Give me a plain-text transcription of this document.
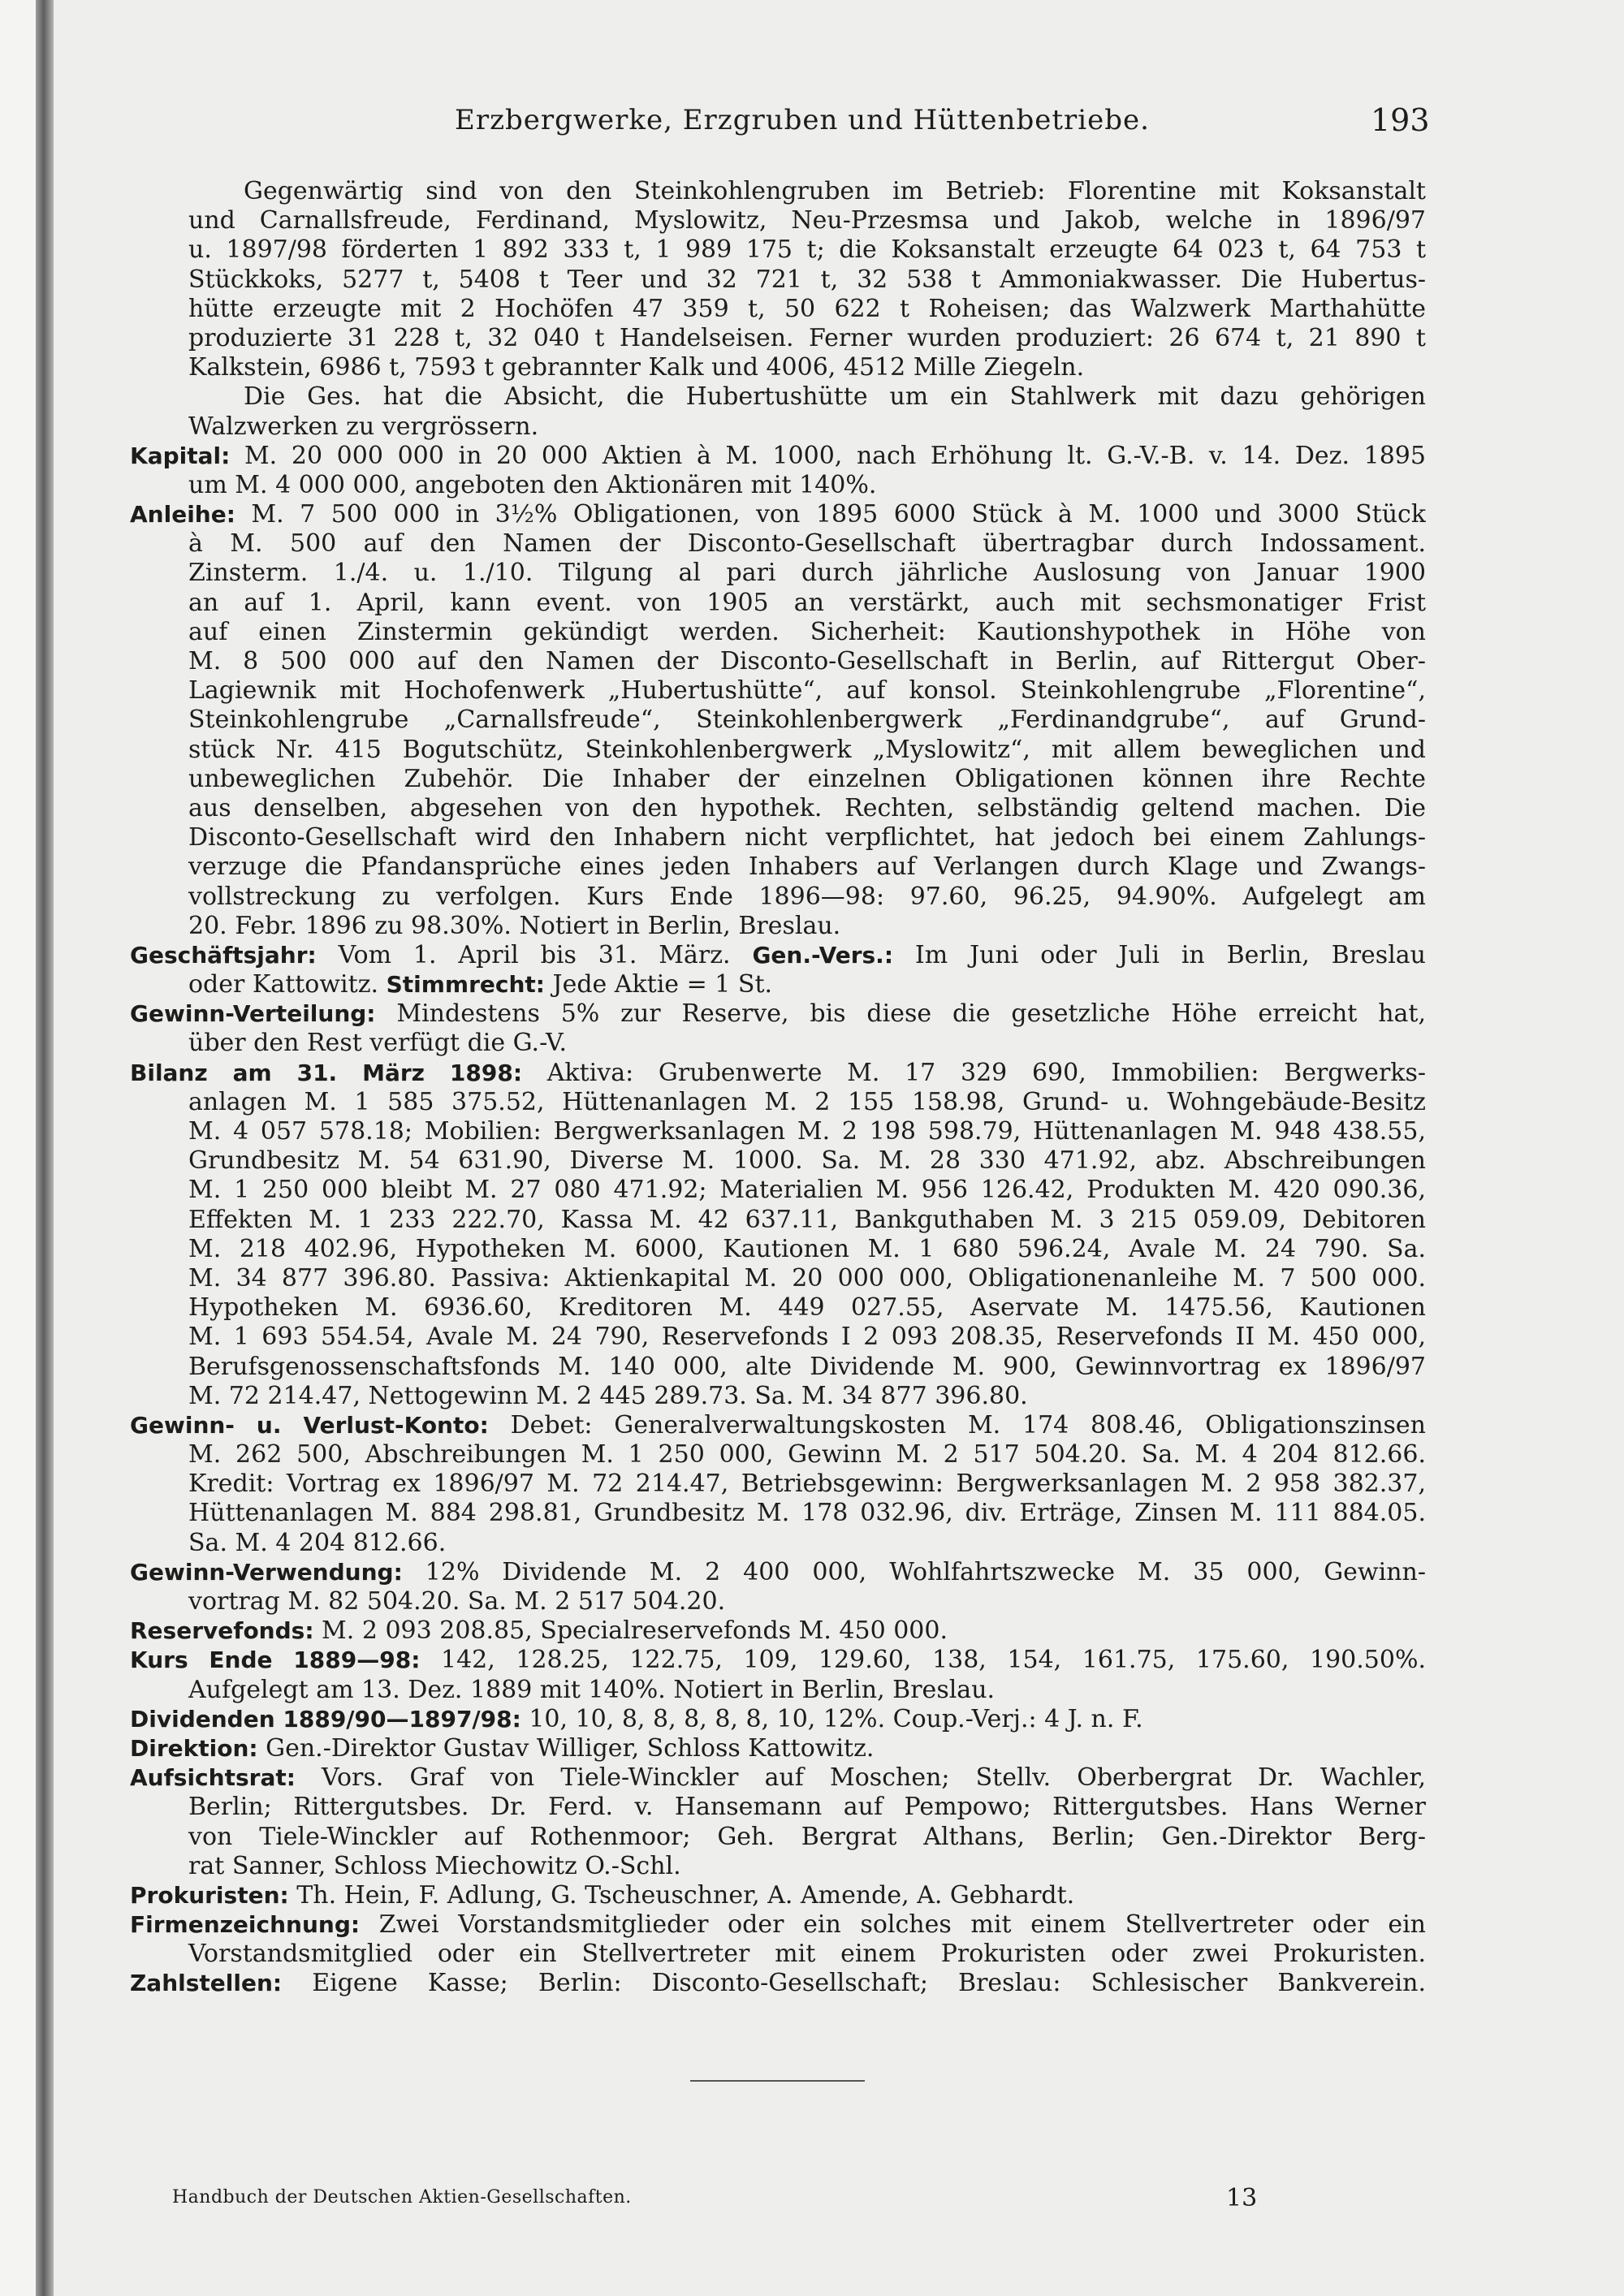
Erzbergwerke, Erzgruben und Hüttenbetriebe.	193
Gegenwärtig sind von den Steinkohlengruben im Betrieb: Florentine mit Koksanstalt
und Carnallsfreude, Ferdinand, Myslowitz, Neu-Przesmsa und Jakob, welche in 1896/97
u. 1897/98 förderten 1 892 333 t, 1 989 175 t; die Koksanstalt erzeugte 64 023 t, 64 753 t
Stückkoks, 5277 t, 5408 t Teer und 32 721 t, 32 538 t Ammoniakwasser. Die Hubertus-
hütte erzeugte mit 2 Hochöfen 47 359 t, 50 622 t Roheisen; das Walzwerk Marthahütte
produzierte 31 228 t, 32 040 t Handelseisen. Ferner wurden produziert: 26 674 t, 21 890 t
Kalkstein, 6986 t, 7593 t gebrannter Kalk und 4006, 4512 Mille Ziegeln.
Die Ges. hat die Absicht, die Hubertushütte um ein Stahlwerk mit dazu gehörigen
Walzwerken zu vergrössern.
Kapital: M. 20 000 000 in 20 000 Aktien à M. 1000, nach Erhöhung lt. G.-V.-B. v. 14. Dez. 1895
um M. 4 000 000, angeboten den Aktionären mit 140%.
Anleihe: M. 7 500 000 in 3½% Obligationen, von 1895 6000 Stück à M. 1000 und 3000 Stück
à M. 500 auf den Namen der Disconto-Gesellschaft übertragbar durch Indossament.
Zinsterm. 1./4. u. 1./10. Tilgung al pari durch jährliche Auslosung von Januar 1900
an auf 1. April, kann event. von 1905 an verstärkt, auch mit sechsmonatiger Frist
auf einen Zinstermin gekündigt werden. Sicherheit: Kautionshypothek in Höhe von
M. 8 500 000 auf den Namen der Disconto-Gesellschaft in Berlin, auf Rittergut Ober-
Lagiewnik mit Hochofenwerk „Hubertushütte“, auf konsol. Steinkohlengrube „Florentine“,
Steinkohlengrube „Carnallsfreude“, Steinkohlenbergwerk „Ferdinandgrube“, auf Grund-
stück Nr. 415 Bogutschütz, Steinkohlenbergwerk „Myslowitz“, mit allem beweglichen und
unbeweglichen Zubehör. Die Inhaber der einzelnen Obligationen können ihre Rechte
aus denselben, abgesehen von den hypothek. Rechten, selbständig geltend machen. Die
Disconto-Gesellschaft wird den Inhabern nicht verpflichtet, hat jedoch bei einem Zahlungs-
verzuge die Pfandansprüche eines jeden Inhabers auf Verlangen durch Klage und Zwangs-
vollstreckung zu verfolgen. Kurs Ende 1896—98: 97.60, 96.25, 94.90%. Aufgelegt am
20. Febr. 1896 zu 98.30%. Notiert in Berlin, Breslau.
Geschäftsjahr: Vom 1. April bis 31. März. Gen.-Vers.: Im Juni oder Juli in Berlin, Breslau
oder Kattowitz. Stimmrecht: Jede Aktie = 1 St.
Gewinn-Verteilung: Mindestens 5% zur Reserve, bis diese die gesetzliche Höhe erreicht hat,
über den Rest verfügt die G.-V.
Bilanz am 31. März 1898: Aktiva: Grubenwerte M. 17 329 690, Immobilien: Bergwerks-
anlagen M. 1 585 375.52, Hüttenanlagen M. 2 155 158.98, Grund- u. Wohngebäude-Besitz
M. 4 057 578.18; Mobilien: Bergwerksanlagen M. 2 198 598.79, Hüttenanlagen M. 948 438.55,
Grundbesitz M. 54 631.90, Diverse M. 1000. Sa. M. 28 330 471.92, abz. Abschreibungen
M. 1 250 000 bleibt M. 27 080 471.92; Materialien M. 956 126.42, Produkten M. 420 090.36,
Effekten M. 1 233 222.70, Kassa M. 42 637.11, Bankguthaben M. 3 215 059.09, Debitoren
M. 218 402.96, Hypotheken M. 6000, Kautionen M. 1 680 596.24, Avale M. 24 790. Sa.
M. 34 877 396.80. Passiva: Aktienkapital M. 20 000 000, Obligationenanleihe M. 7 500 000.
Hypotheken M. 6936.60, Kreditoren M. 449 027.55, Aservate M. 1475.56, Kautionen
M. 1 693 554.54, Avale M. 24 790, Reservefonds I 2 093 208.35, Reservefonds II M. 450 000,
Berufsgenossenschaftsfonds M. 140 000, alte Dividende M. 900, Gewinnvortrag ex 1896/97
M. 72 214.47, Nettogewinn M. 2 445 289.73. Sa. M. 34 877 396.80.
Gewinn- u. Verlust-Konto: Debet: Generalverwaltungskosten M. 174 808.46, Obligationszinsen
M. 262 500, Abschreibungen M. 1 250 000, Gewinn M. 2 517 504.20. Sa. M. 4 204 812.66.
Kredit: Vortrag ex 1896/97 M. 72 214.47, Betriebsgewinn: Bergwerksanlagen M. 2 958 382.37,
Hüttenanlagen M. 884 298.81, Grundbesitz M. 178 032.96, div. Erträge, Zinsen M. 111 884.05.
Sa. M. 4 204 812.66.
Gewinn-Verwendung: 12% Dividende M. 2 400 000, Wohlfahrtszwecke M. 35 000, Gewinn-
vortrag M. 82 504.20. Sa. M. 2 517 504.20.
Reservefonds: M. 2 093 208.85, Specialreservefonds M. 450 000.
Kurs Ende 1889—98: 142, 128.25, 122.75, 109, 129.60, 138, 154, 161.75, 175.60, 190.50%.
Aufgelegt am 13. Dez. 1889 mit 140%. Notiert in Berlin, Breslau.
Dividenden 1889/90—1897/98: 10, 10, 8, 8, 8, 8, 8, 10, 12%. Coup.-Verj.: 4 J. n. F.
Direktion: Gen.-Direktor Gustav Williger, Schloss Kattowitz.
Aufsichtsrat: Vors. Graf von Tiele-Winckler auf Moschen; Stellv. Oberbergrat Dr. Wachler,
Berlin; Rittergutsbes. Dr. Ferd. v. Hansemann auf Pempowo; Rittergutsbes. Hans Werner
von Tiele-Winckler auf Rothenmoor; Geh. Bergrat Althans, Berlin; Gen.-Direktor Berg-
rat Sanner, Schloss Miechowitz O.-Schl.
Prokuristen: Th. Hein, F. Adlung, G. Tscheuschner, A. Amende, A. Gebhardt.
Firmenzeichnung: Zwei Vorstandsmitglieder oder ein solches mit einem Stellvertreter oder ein
Vorstandsmitglied oder ein Stellvertreter mit einem Prokuristen oder zwei Prokuristen.
Zahlstellen: Eigene Kasse; Berlin: Disconto-Gesellschaft; Breslau: Schlesischer Bankverein.
Handbuch der Deutschen Aktien-Gesellschaften.	13
